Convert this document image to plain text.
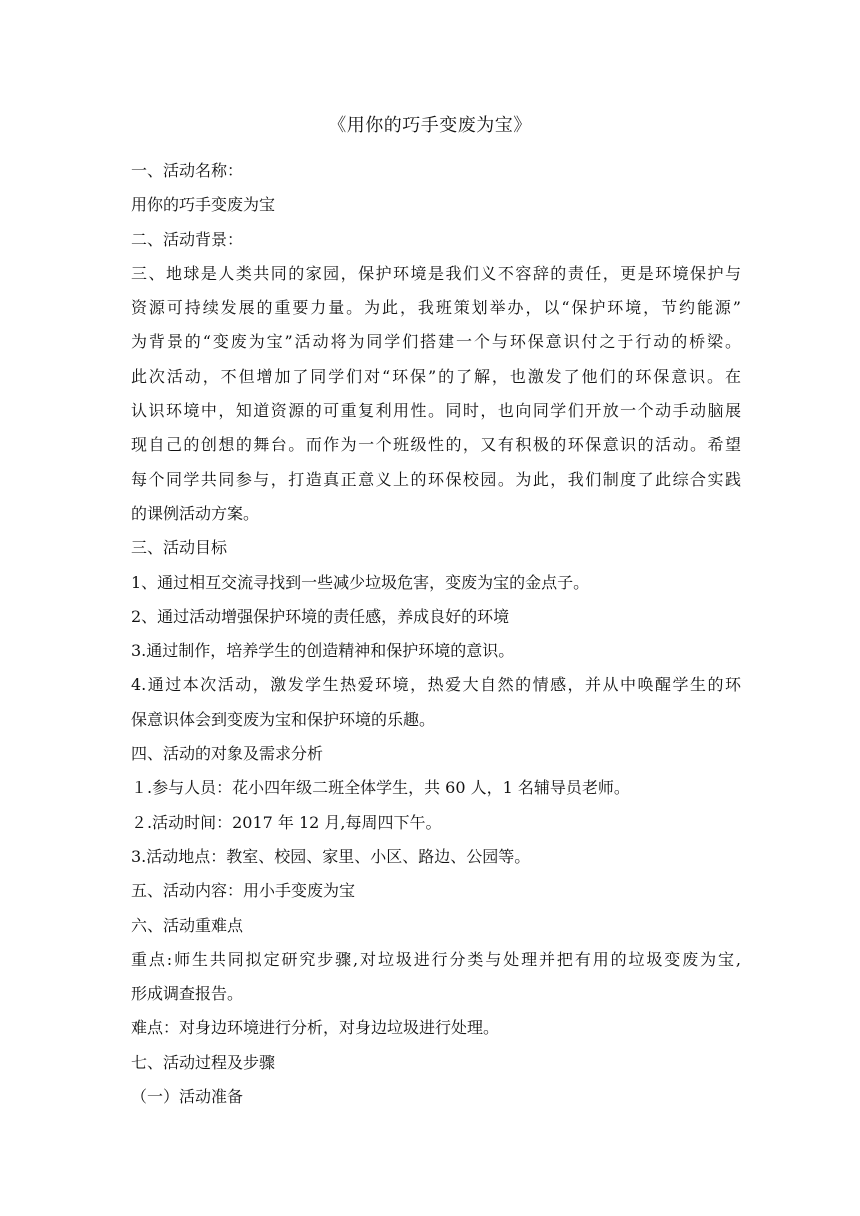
《用你的巧手变废为宝》
一、活动名称：
用你的巧手变废为宝
二、活动背景：
三、地球是人类共同的家园，保护环境是我们义不容辞的责任，更是环境保护与
资源可持续发展的重要力量。为此，我班策划举办，以“保护环境，节约能源”
为背景的“变废为宝”活动将为同学们搭建一个与环保意识付之于行动的桥梁。
此次活动，不但增加了同学们对“环保”的了解，也激发了他们的环保意识。在
认识环境中，知道资源的可重复利用性。同时，也向同学们开放一个动手动脑展
现自己的创想的舞台。而作为一个班级性的，又有积极的环保意识的活动。希望
每个同学共同参与，打造真正意义上的环保校园。为此，我们制度了此综合实践
的课例活动方案。
三、活动目标
1、通过相互交流寻找到一些减少垃圾危害，变废为宝的金点子。
2、通过活动增强保护环境的责任感，养成良好的环境
3.通过制作，培养学生的创造精神和保护环境的意识。
4.通过本次活动，激发学生热爱环境，热爱大自然的情感，并从中唤醒学生的环
保意识体会到变废为宝和保护环境的乐趣。
四、活动的对象及需求分析
１.参与人员：花小四年级二班全体学生，共 60 人，1 名辅导员老师。
２.活动时间：2017 年 12 月,每周四下午。
3.活动地点：教室、校园、家里、小区、路边、公园等。
五、活动内容：用小手变废为宝
六、活动重难点
重点:师生共同拟定研究步骤,对垃圾进行分类与处理并把有用的垃圾变废为宝,
形成调查报告。
难点：对身边环境进行分析，对身边垃圾进行处理。
七、活动过程及步骤
（一）活动准备
